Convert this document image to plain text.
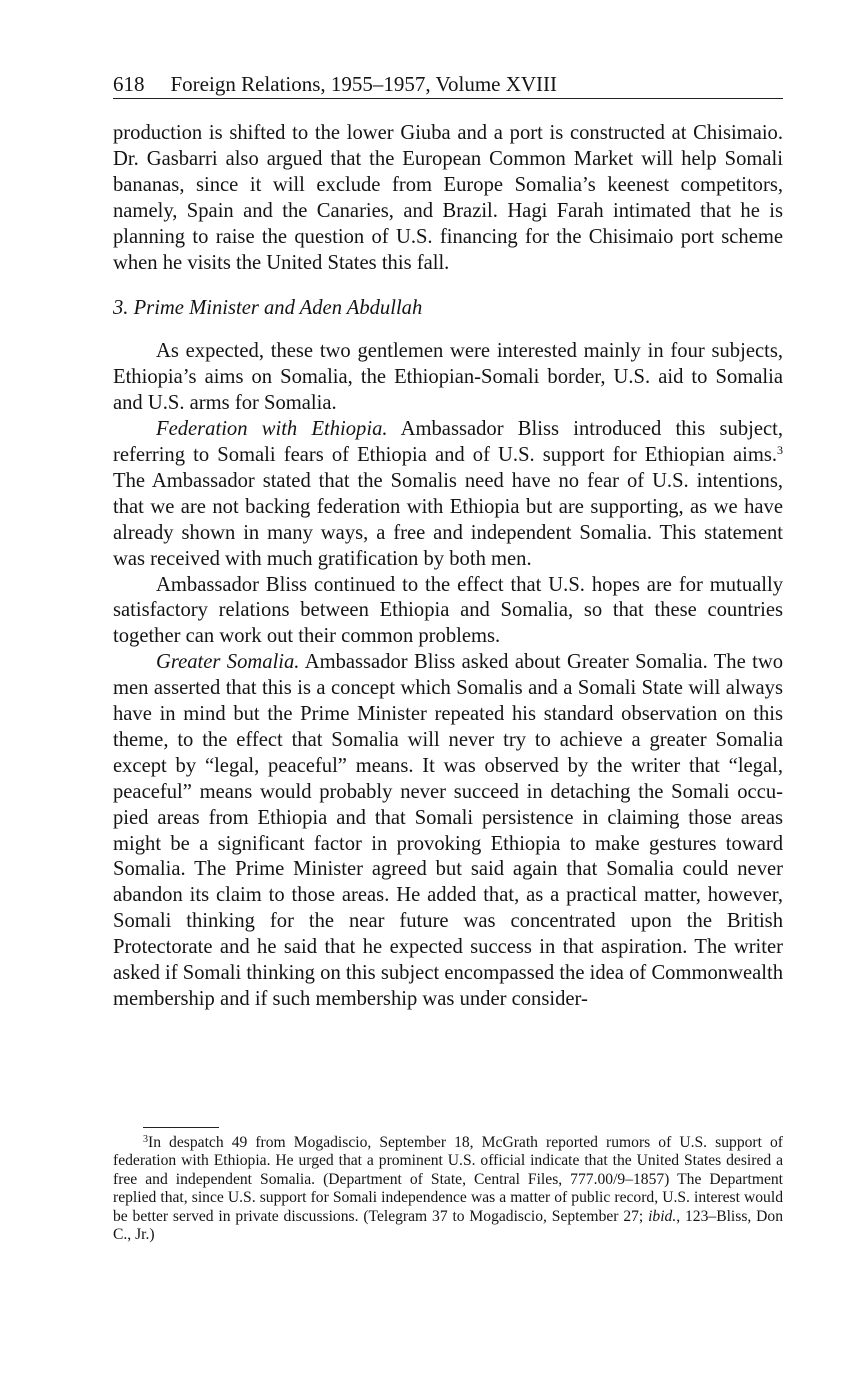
618 Foreign Relations, 1955–1957, Volume XVIII

production is shifted to the lower Giuba and a port is constructed at Chisimaio. Dr. Gasbarri also argued that the European Common Market will help Somali bananas, since it will exclude from Europe Somalia’s keenest competitors, namely, Spain and the Canaries, and Brazil. Hagi Farah intimated that he is planning to raise the question of U.S. financing for the Chisimaio port scheme when he visits the United States this fall.

3. Prime Minister and Aden Abdullah

As expected, these two gentlemen were interested mainly in four subjects, Ethiopia’s aims on Somalia, the Ethiopian-Somali border, U.S. aid to Somalia and U.S. arms for Somalia.

Federation with Ethiopia. Ambassador Bliss introduced this subject, referring to Somali fears of Ethiopia and of U.S. support for Ethiopian aims.$^3$ The Ambassador stated that the Somalis need have no fear of U.S. intentions, that we are not backing federation with Ethiopia but are supporting, as we have already shown in many ways, a free and independent Somalia. This statement was received with much gratification by both men.

Ambassador Bliss continued to the effect that U.S. hopes are for mutually satisfactory relations between Ethiopia and Somalia, so that these countries together can work out their common problems.

Greater Somalia. Ambassador Bliss asked about Greater Somalia. The two men asserted that this is a concept which Somalis and a Somali State will always have in mind but the Prime Minister repeated his standard observation on this theme, to the effect that Somalia will never try to achieve a greater Somalia except by “legal, peaceful” means. It was observed by the writer that “legal, peaceful” means would probably never succeed in detaching the Somali occupied areas from Ethiopia and that Somali persistence in claiming those areas might be a significant factor in provoking Ethiopia to make gestures toward Somalia. The Prime Minister agreed but said again that Somalia could never abandon its claim to those areas. He added that, as a practical matter, however, Somali thinking for the near future was concentrated upon the British Protectorate and he said that he expected success in that aspiration. The writer asked if Somali thinking on this subject encompassed the idea of Commonwealth membership and if such membership was under consider-

$^3$In despatch 49 from Mogadiscio, September 18, McGrath reported rumors of U.S. support of federation with Ethiopia. He urged that a prominent U.S. official indicate that the United States desired a free and independent Somalia. (Department of State, Central Files, 777.00/9–1857) The Department replied that, since U.S. support for Somali independence was a matter of public record, U.S. interest would be better served in private discussions. (Telegram 37 to Mogadiscio, September 27; ibid., 123–Bliss, Don C., Jr.)
